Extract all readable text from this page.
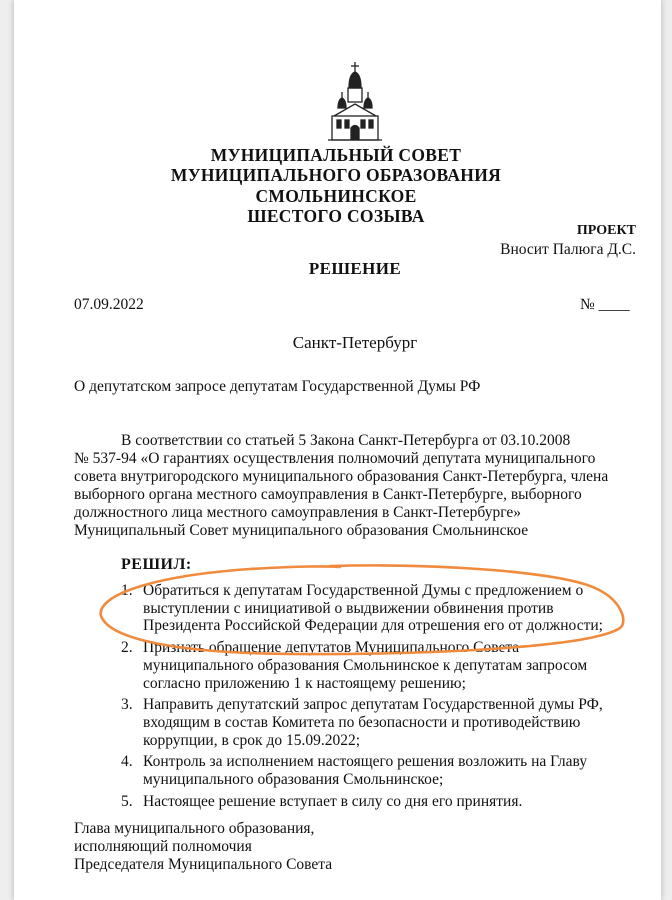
МУНИЦИПАЛЬНЫЙ СОВЕТ
МУНИЦИПАЛЬНОГО ОБРАЗОВАНИЯ
СМОЛЬНИНСКОЕ
ШЕСТОГО СОЗЫВА
ПРОЕКТ
Вносит Палюга Д.С.
РЕШЕНИЕ
07.09.2022	№ ____
Санкт-Петербург
О депутатском запросе депутатам Государственной Думы РФ
В соответствии со статьей 5 Закона Санкт-Петербурга от 03.10.2008
№ 537-94 «О гарантиях осуществления полномочий депутата муниципального
совета внутригородского муниципального образования Санкт-Петербурга, члена
выборного органа местного самоуправления в Санкт-Петербурге, выборного
должностного лица местного самоуправления в Санкт-Петербурге»
Муниципальный Совет муниципального образования Смольнинское
РЕШИЛ:
1. Обратиться к депутатам Государственной Думы с предложением о
выступлении с инициативой о выдвижении обвинения против
Президента Российской Федерации для отрешения его от должности;
2. Признать обращение депутатов Муниципального Совета
муниципального образования Смольнинское к депутатам запросом
согласно приложению 1 к настоящему решению;
3. Направить депутатский запрос депутатам Государственной думы РФ,
входящим в состав Комитета по безопасности и противодействию
коррупции, в срок до 15.09.2022;
4. Контроль за исполнением настоящего решения возложить на Главу
муниципального образования Смольнинское;
5. Настоящее решение вступает в силу со дня его принятия.
Глава муниципального образования,
исполняющий полномочия
Председателя Муниципального Совета
